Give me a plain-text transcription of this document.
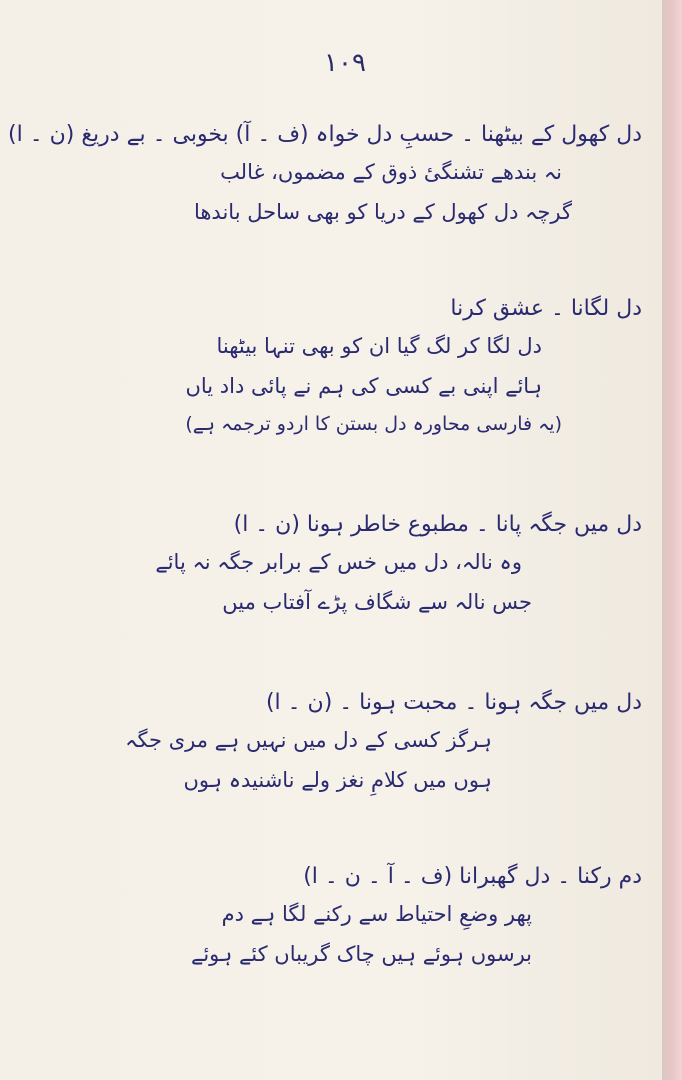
۱۰۹
دل کھول کے بیٹھنا ۔ حسبِ دل خواہ (ف ۔ آ) بخوبی ۔ بے دریغ (ن ۔ ا)
نہ بندھے تشنگیٔ ذوق کے مضموں، غالب
گرچہ دل کھول کے دریا کو بھی ساحل باندھا
دل لگانا ۔ عشق کرنا
دل لگا کر لگ گیا ان کو بھی تنہا بیٹھنا
ہائے اپنی بے کسی کی ہم نے پائی داد یاں
(یہ فارسی محاورہ دل بستن کا اردو ترجمہ ہے)
دل میں جگہ پانا ۔ مطبوع خاطر ہونا (ن ۔ ا)
وہ نالہ، دل میں خس کے برابر جگہ نہ پائے
جس نالہ سے شگاف پڑے آفتاب میں
دل میں جگہ ہونا ۔ محبت ہونا ۔ (ن ۔ ا)
ہرگز کسی کے دل میں نہیں ہے مری جگہ
ہوں میں کلامِ نغز ولے ناشنیدہ ہوں
دم رکنا ۔ دل گھبرانا (ف ۔ آ ۔ ن ۔ ا)
پھر وضعِ احتیاط سے رکنے لگا ہے دم
برسوں ہوئے ہیں چاک گریباں کئے ہوئے
